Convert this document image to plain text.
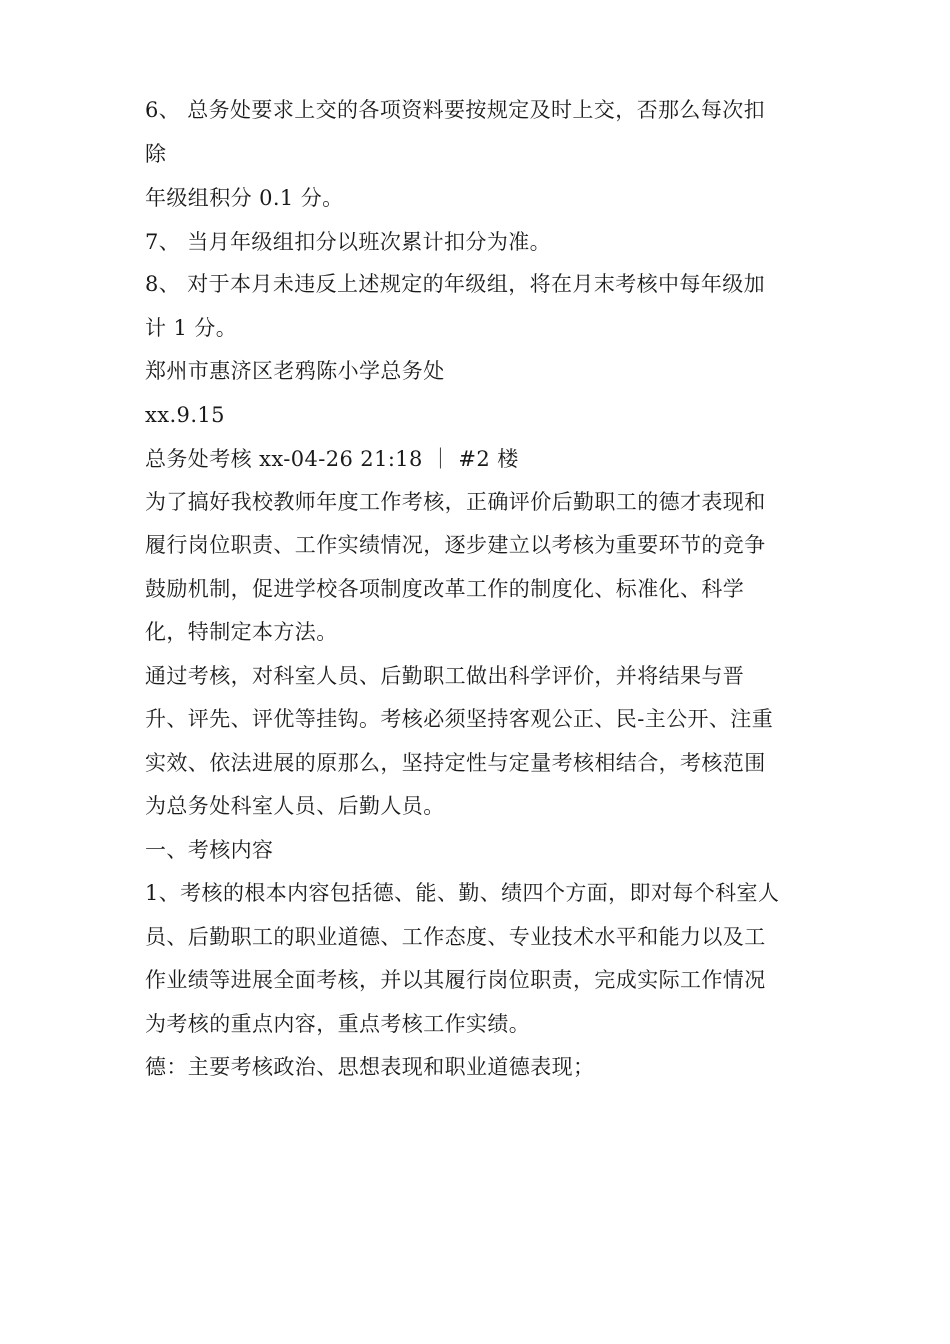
6、 总务处要求上交的各项资料要按规定及时上交，否那么每次扣
除
年级组积分 0.1 分。
7、 当月年级组扣分以班次累计扣分为准。
8、 对于本月未违反上述规定的年级组，将在月末考核中每年级加
计 1 分。
郑州市惠济区老鸦陈小学总务处
xx.9.15
总务处考核 xx-04-26 21:18 ｜ #2 楼
为了搞好我校教师年度工作考核，正确评价后勤职工的德才表现和
履行岗位职责、工作实绩情况，逐步建立以考核为重要环节的竞争
鼓励机制，促进学校各项制度改革工作的制度化、标准化、科学
化，特制定本方法。
通过考核，对科室人员、后勤职工做出科学评价，并将结果与晋
升、评先、评优等挂钩。考核必须坚持客观公正、民-主公开、注重
实效、依法进展的原那么，坚持定性与定量考核相结合，考核范围
为总务处科室人员、后勤人员。
一、考核内容
1、考核的根本内容包括德、能、勤、绩四个方面，即对每个科室人
员、后勤职工的职业道德、工作态度、专业技术水平和能力以及工
作业绩等进展全面考核，并以其履行岗位职责，完成实际工作情况
为考核的重点内容，重点考核工作实绩。
德：主要考核政治、思想表现和职业道德表现；
